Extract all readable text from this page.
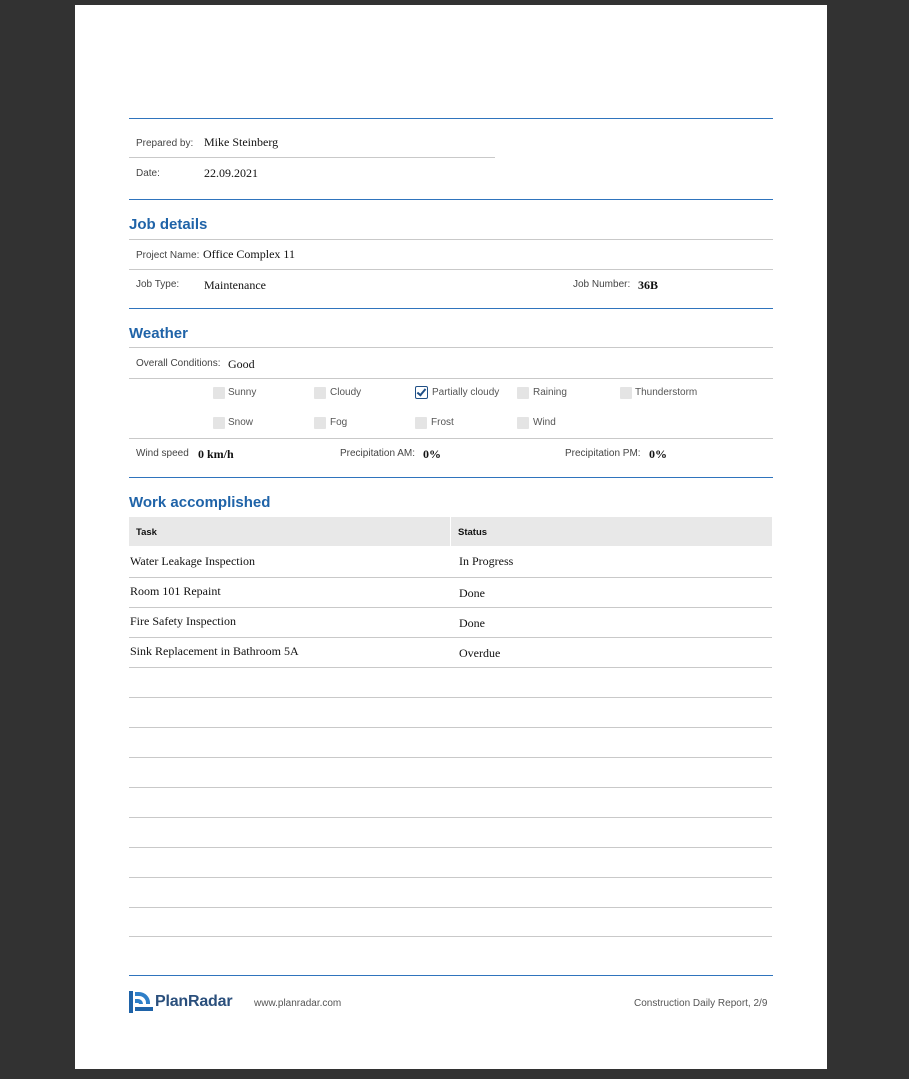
Prepared by: Mike Steinberg
Date:	22.09.2021
Job details
Project Name: Office Complex 11
Job Type: Maintenance	Job Number: 36B
Weather
Overall Conditions: Good
Sunny	Cloudy	Partially cloudy	Raining	Thunderstorm
Snow	Fog	Frost	Wind
Wind speed 0 km/h	Precipitation AM: 0%	Precipitation PM: 0%
Work accomplished
Task	Status
Water Leakage Inspection	In Progress
Room 101 Repaint	Done
Fire Safety Inspection	Done
Sink Replacement in Bathroom 5A	Overdue
PlanRadar www.planradar.com	Construction Daily Report, 2/9
